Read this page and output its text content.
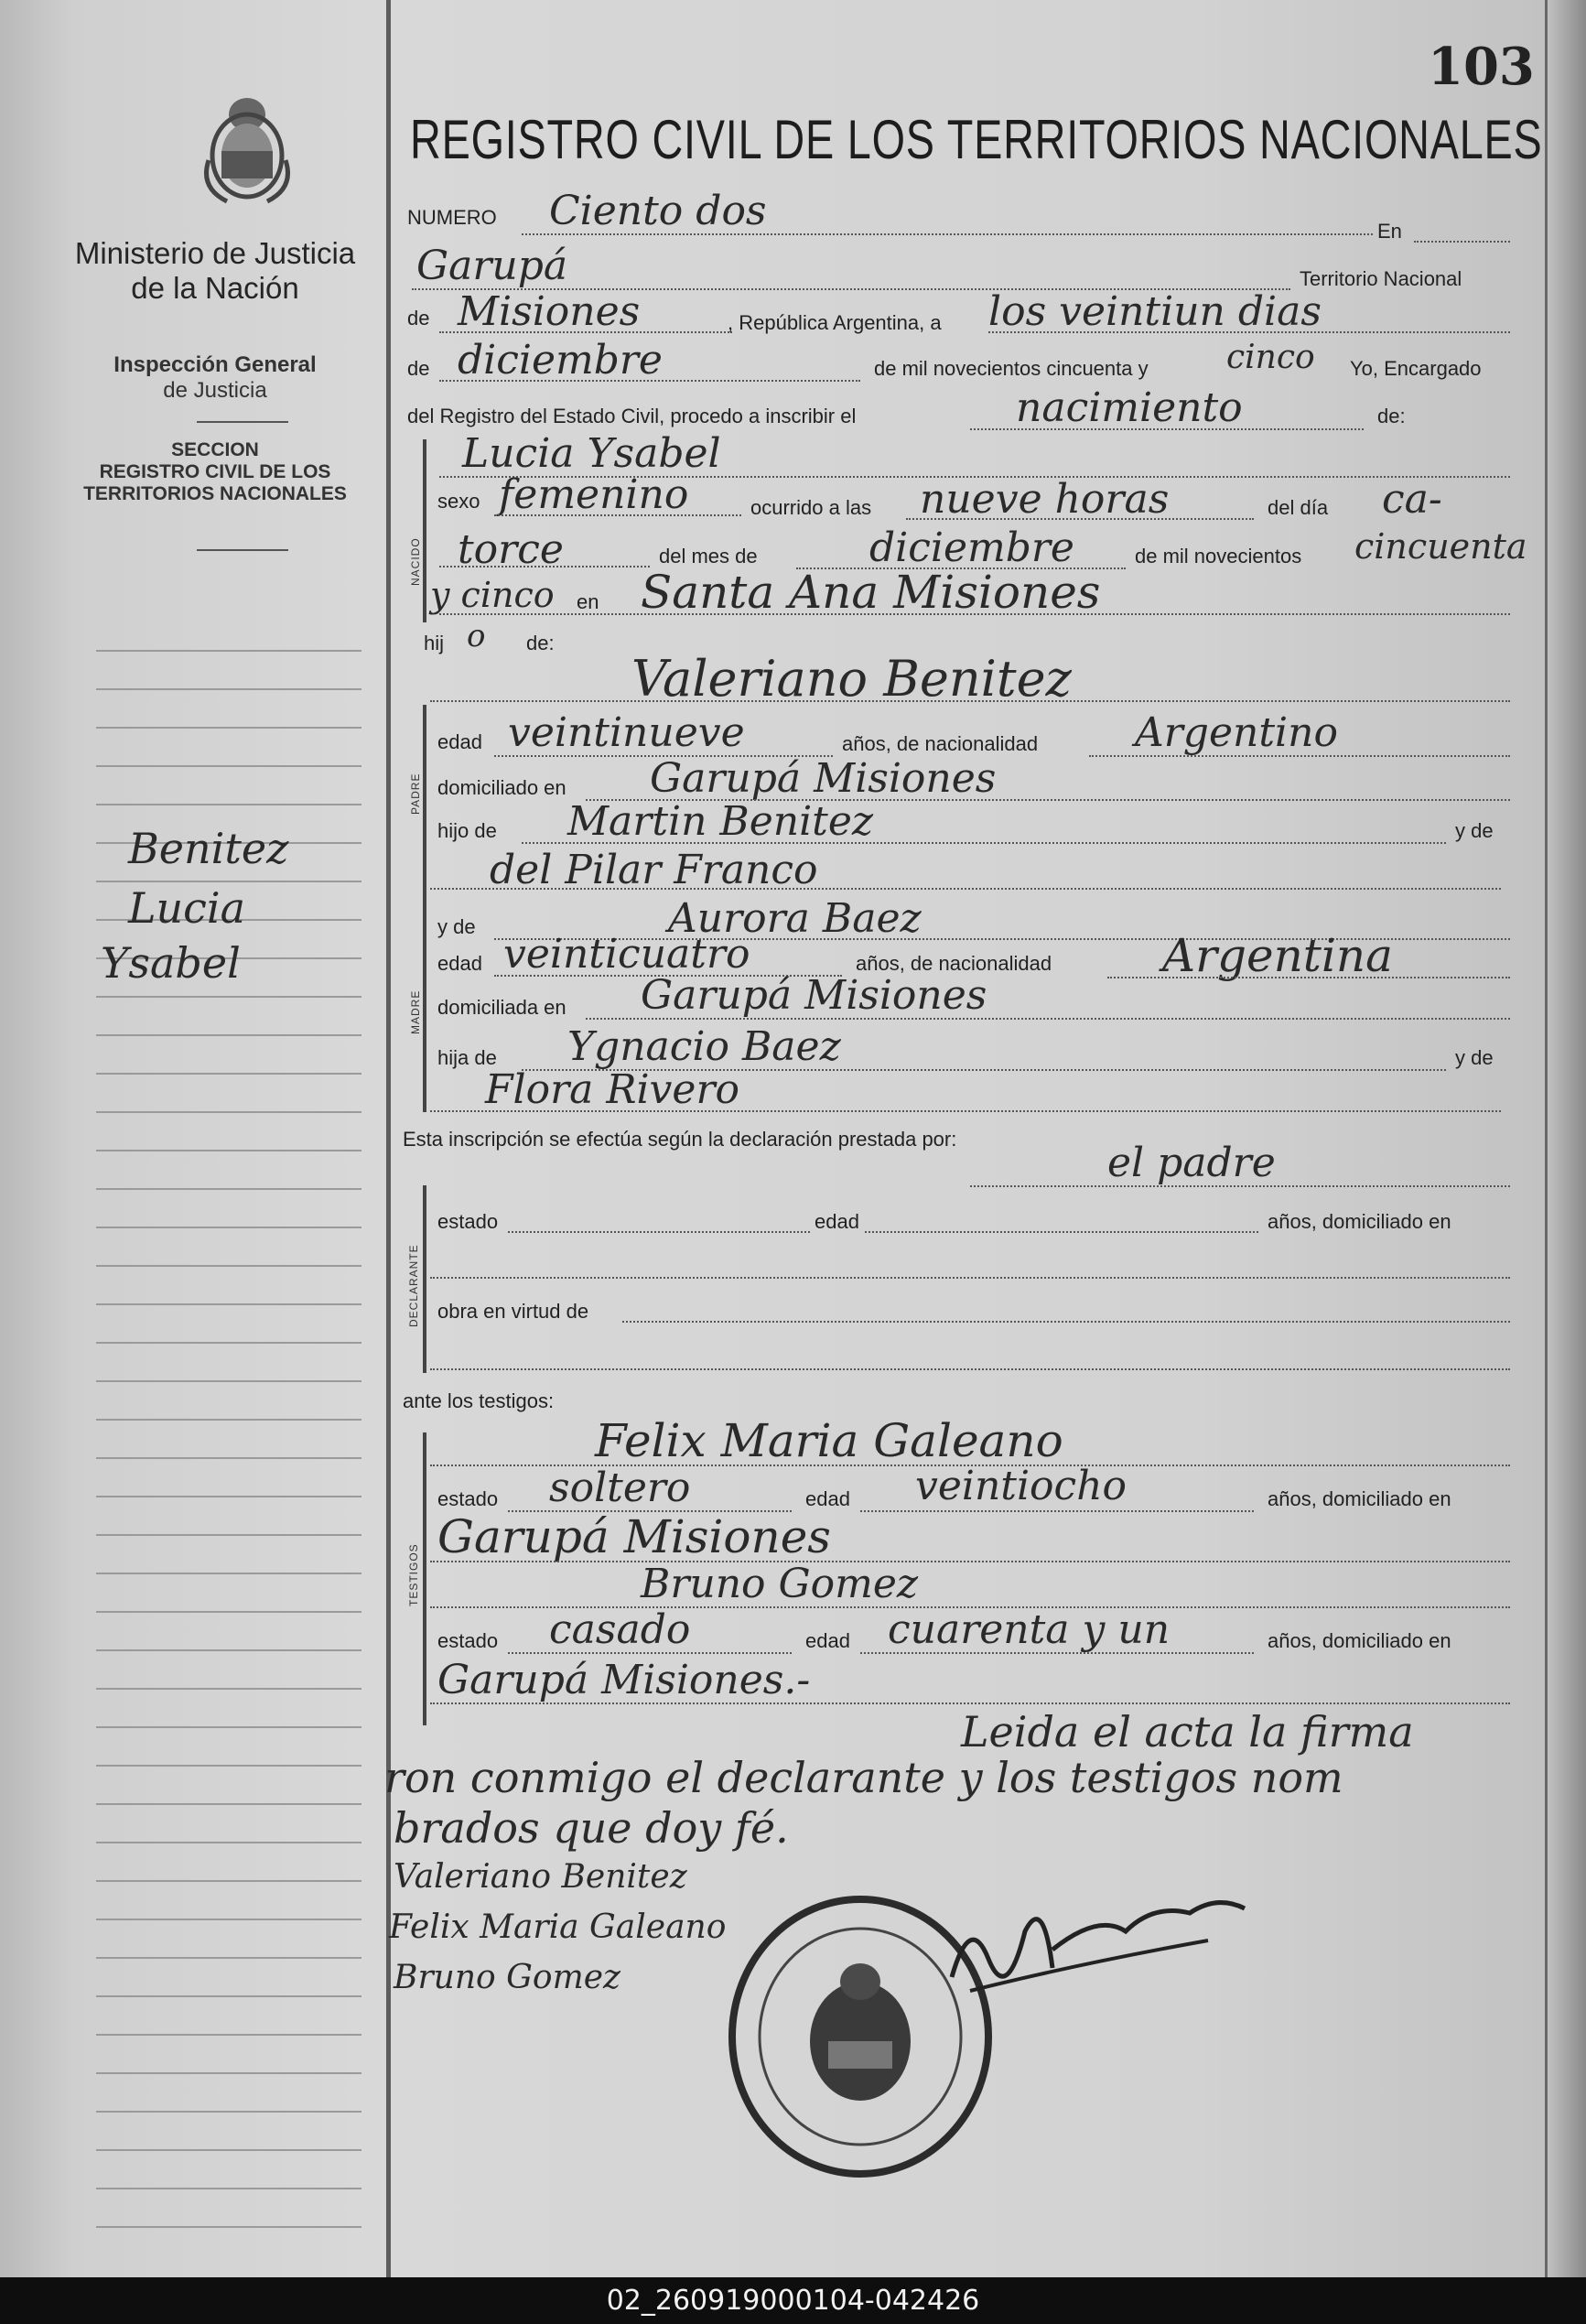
103
Ministerio de Justicia
de la Nación
Inspección General
de Justicia
SECCION
REGISTRO CIVIL DE LOS
TERRITORIOS NACIONALES
Benitez
Lucia
Ysabel
REGISTRO CIVIL DE LOS TERRITORIOS NACIONALES
NUMERO Ciento dos	En
Garupá	Territorio Nacional
de Misiones	, República Argentina, a los veintiun dias
de diciembre	de mil novecientos cincuenta y cinco Yo, Encargado
del Registro del Estado Civil, procedo a inscribir el	nacimiento	de:
NACIDO
Lucia Ysabel
sexo femenino	ocurrido a las nueve horas	del día ca-
torce	del mes de	diciembre	de mil novecientos cincuenta
y cinco en Santa Ana Misiones
hij o de:
Valeriano Benitez
PADRE
edad veintinueve	años, de nacionalidad Argentino
domiciliado en Garupá Misiones
hijo de Martin Benitez	y de
del Pilar Franco
MADRE
y de	Aurora Baez
edad veinticuatro	años, de nacionalidad Argentina
domiciliada en Garupá Misiones
hija de Ygnacio Baez	y de
Flora Rivero
Esta inscripción se efectúa según la declaración prestada por:
el padre
DECLARANTE
estado	edad	años, domiciliado en
obra en virtud de
ante los testigos:
Felix Maria Galeano
TESTIGOS
estado soltero	edad veintiocho	años, domiciliado en
Garupá Misiones
Bruno Gomez
estado casado	edad cuarenta y un	años, domiciliado en
Garupá Misiones.-
Leida el acta la firma
ron conmigo el declarante y los testigos nom
brados que doy fé.
Valeriano Benitez
Felix Maria Galeano
Bruno Gomez
02_260919000104-042426
